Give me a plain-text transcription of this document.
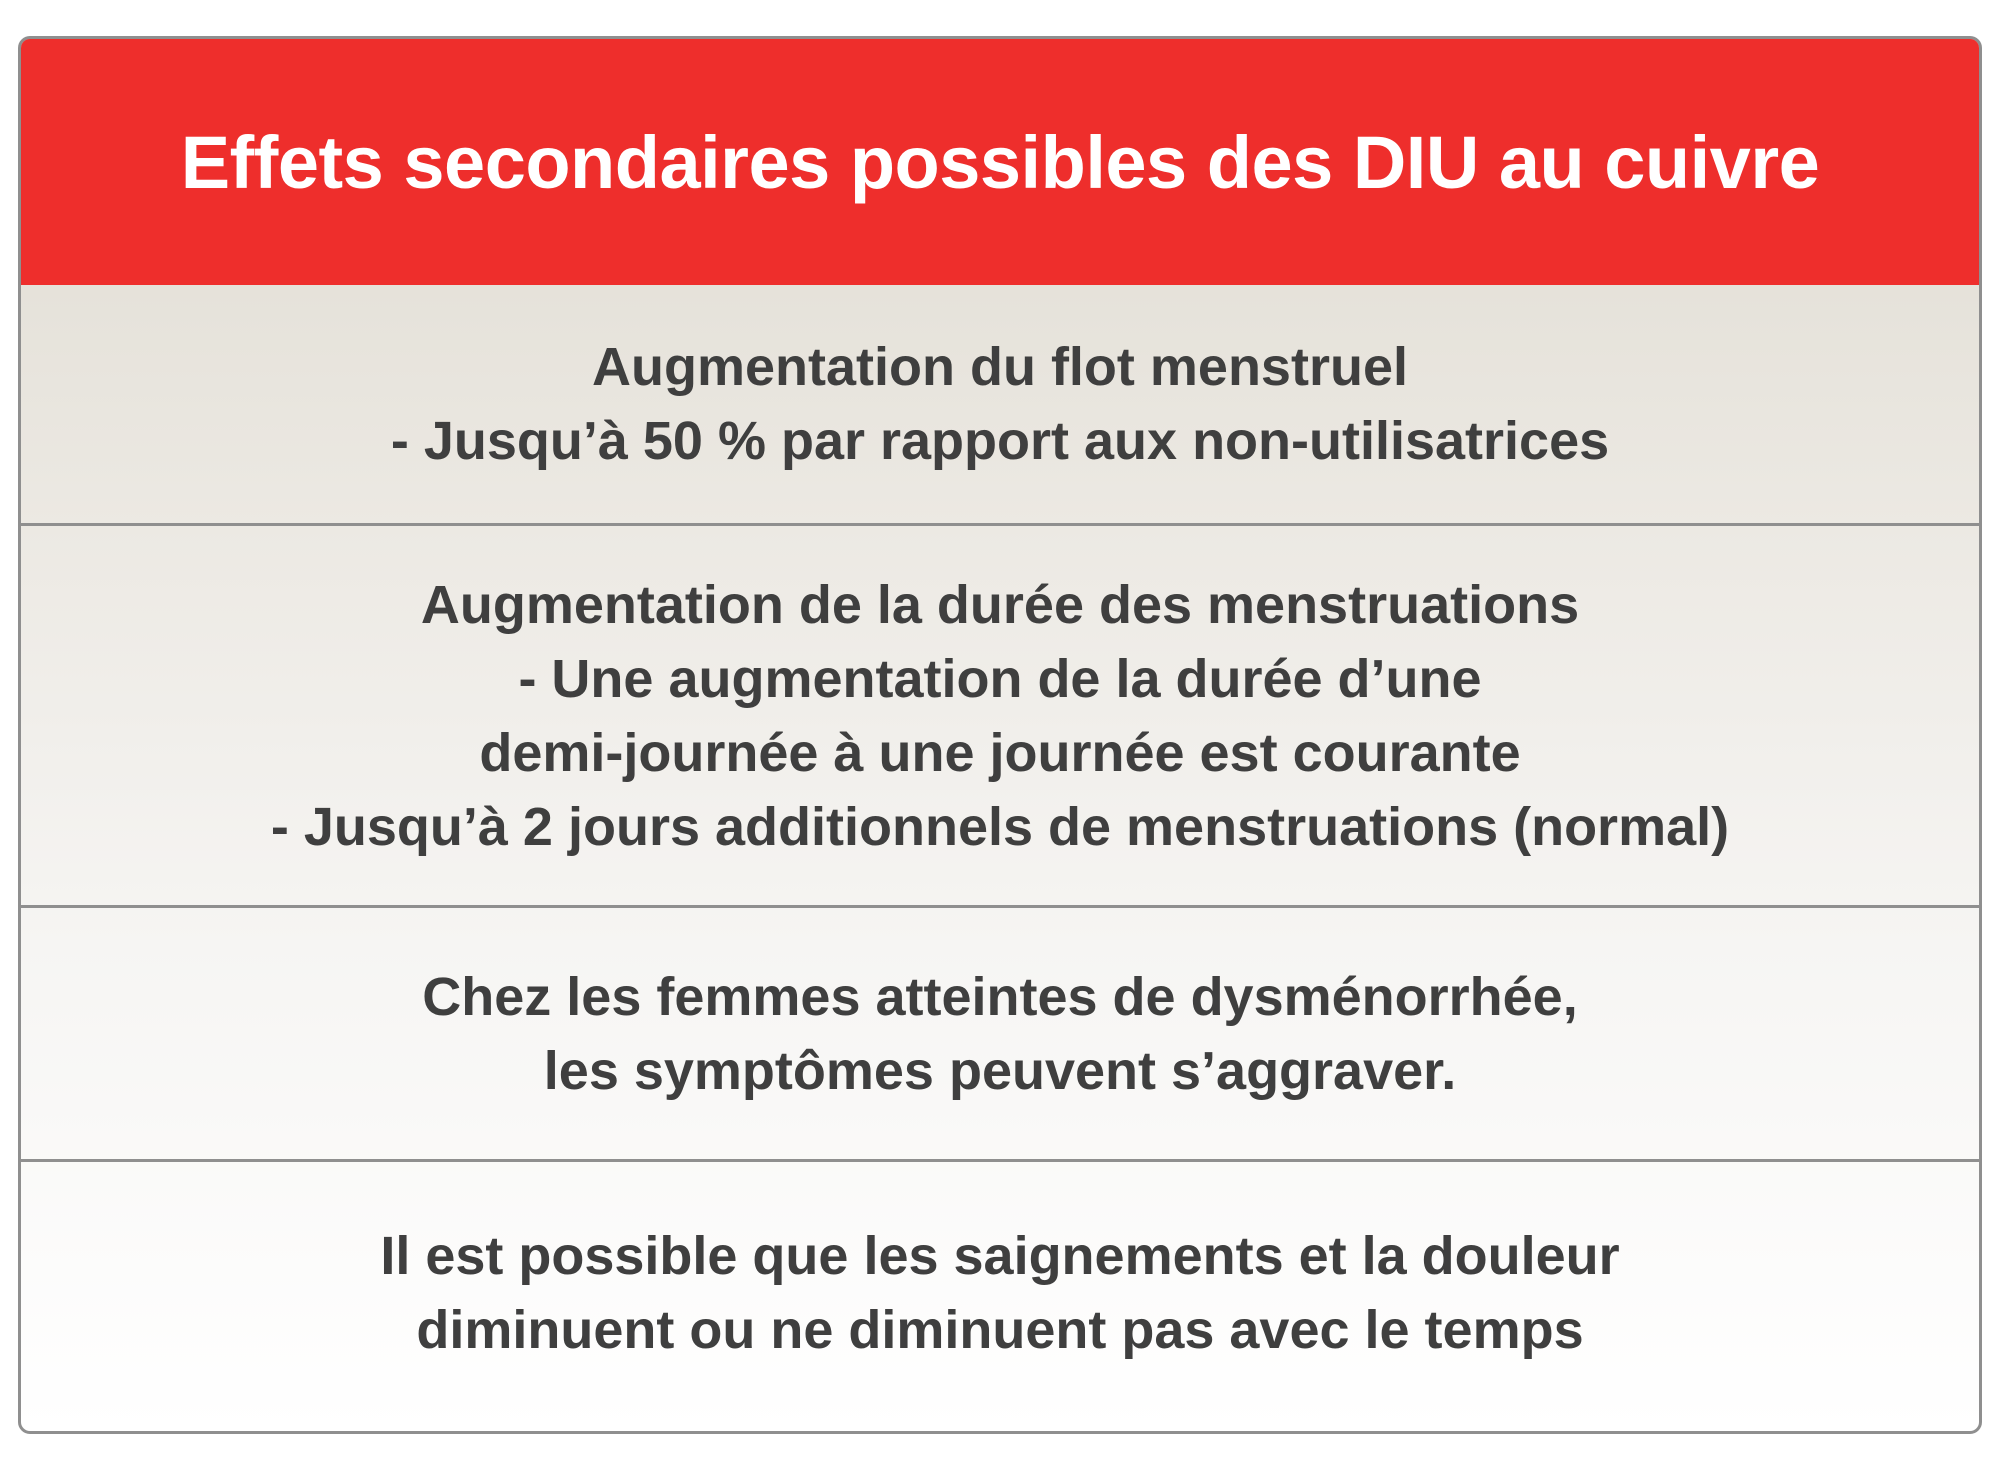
Effets secondaires possibles des DIU au cuivre
Augmentation du flot menstruel
- Jusqu’à 50 % par rapport aux non-utilisatrices
Augmentation de la durée des menstruations
- Une augmentation de la durée d’une
demi-journée à une journée est courante
- Jusqu’à 2 jours additionnels de menstruations (normal)
Chez les femmes atteintes de dysménorrhée,
les symptômes peuvent s’aggraver.
Il est possible que les saignements et la douleur
diminuent ou ne diminuent pas avec le temps
